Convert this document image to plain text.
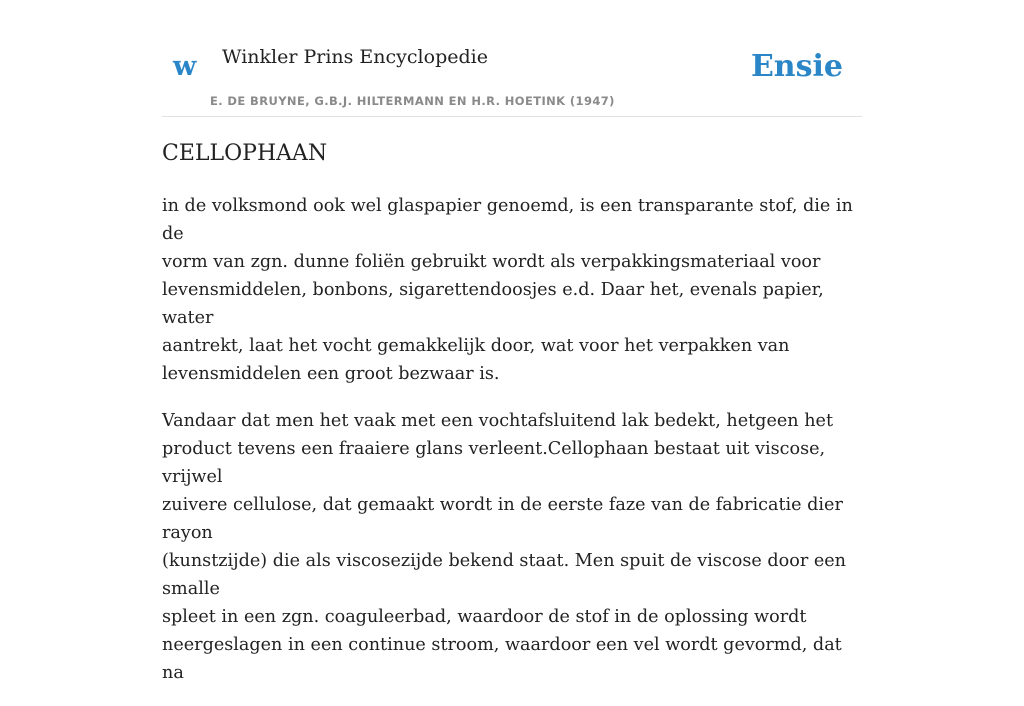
w Winkler Prins Encyclopedie
E. DE BRUYNE, G.B.J. HILTERMANN EN H.R. HOETINK (1947)
Ensie
CELLOPHAAN

in de volksmond ook wel glaspapier genoemd, is een transparante stof, die in de
vorm van zgn. dunne foliën gebruikt wordt als verpakkingsmateriaal voor
levensmiddelen, bonbons, sigarettendoosjes e.d. Daar het, evenals papier, water
aantrekt, laat het vocht gemakkelijk door, wat voor het verpakken van
levensmiddelen een groot bezwaar is.

Vandaar dat men het vaak met een vochtafsluitend lak bedekt, hetgeen het
product tevens een fraaiere glans verleent.Cellophaan bestaat uit viscose, vrijwel
zuivere cellulose, dat gemaakt wordt in de eerste faze van de fabricatie dier rayon
(kunstzijde) die als viscosezijde bekend staat. Men spuit de viscose door een smalle
spleet in een zgn. coaguleerbad, waardoor de stof in de oplossing wordt
neergeslagen in een continue stroom, waardoor een vel wordt gevormd, dat na
